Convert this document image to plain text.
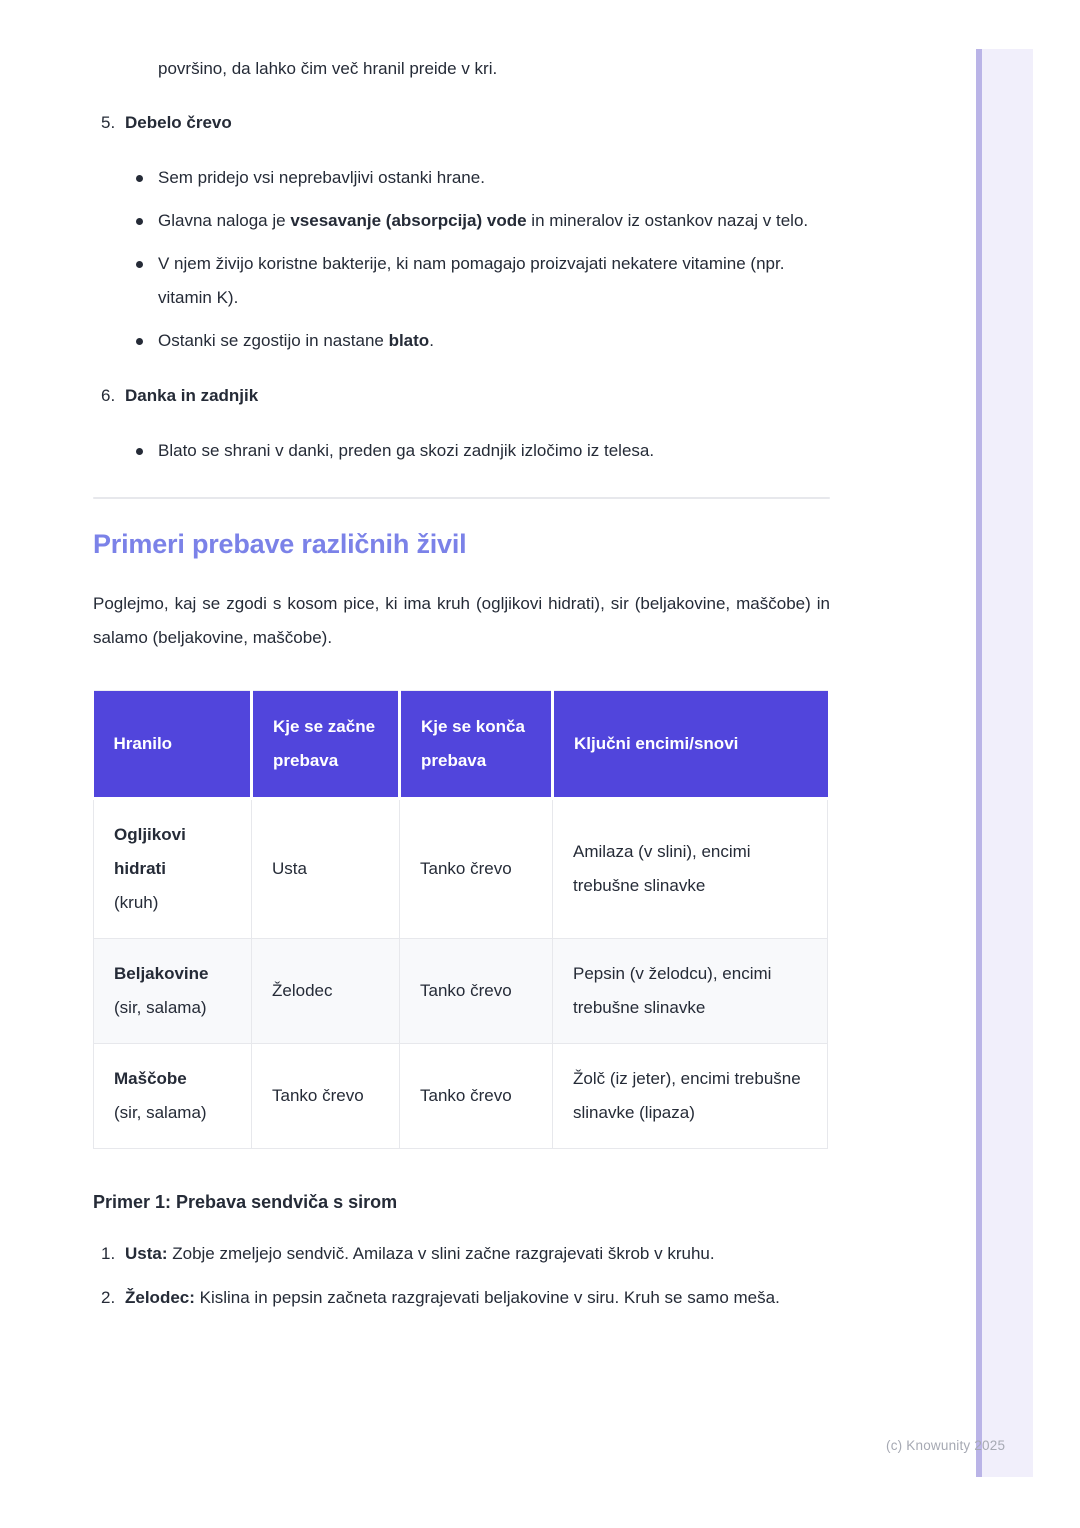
površino, da lahko čim več hranil preide v kri.

5. Debelo črevo

Sem pridejo vsi neprebavljivi ostanki hrane.

Glavna naloga je vsesavanje (absorpcija) vode in mineralov iz ostankov nazaj v telo.

V njem živijo koristne bakterije, ki nam pomagajo proizvajati nekatere vitamine (npr. vitamin K).

Ostanki se zgostijo in nastane blato.

6. Danka in zadnjik

Blato se shrani v danki, preden ga skozi zadnjik izločimo iz telesa.

Primeri prebave različnih živil

Poglejmo, kaj se zgodi s kosom pice, ki ima kruh (ogljikovi hidrati), sir (beljakovine, maščobe) in salamo (beljakovine, maščobe).

Hranilo	Kje se začne prebava	Kje se konča prebava	Ključni encimi/snovi

Ogljikovi hidrati
(kruh)	Usta	Tanko črevo	Amilaza (v slini), encimi trebušne slinavke

Beljakovine
(sir, salama)	Želodec	Tanko črevo	Pepsin (v želodcu), encimi trebušne slinavke

Maščobe
(sir, salama)	Tanko črevo	Tanko črevo	Žolč (iz jeter), encimi trebušne slinavke (lipaza)

Primer 1: Prebava sendviča s sirom
1. Usta: Zobje zmeljejo sendvič. Amilaza v slini začne razgrajevati škrob v kruhu.

2. Želodec: Kislina in pepsin začneta razgrajevati beljakovine v siru. Kruh se samo meša.

(c) Knowunity 2025
